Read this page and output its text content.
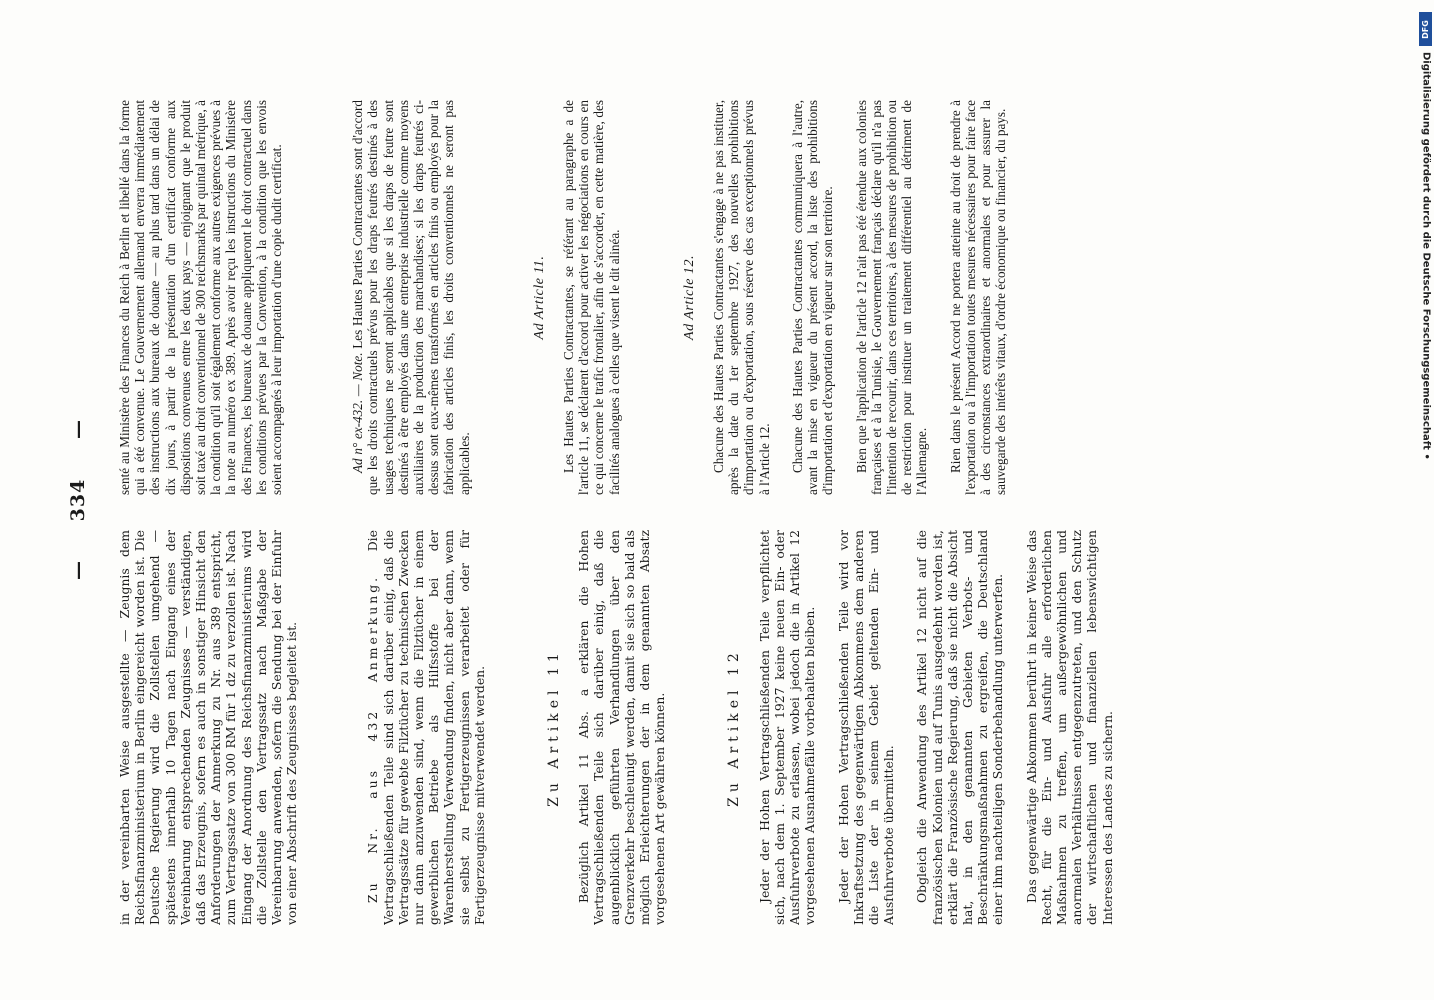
—      334      —

in der vereinbarten Weise ausgestellte — Zeugnis dem Reichsfinanzministerium in Berlin eingereicht worden ist. Die Deutsche Regierung wird die Zollstellen umgehend — spätestens innerhalb 10 Tagen nach Eingang eines der Vereinbarung entsprechenden Zeugnisses — verständigen, daß das Erzeugnis, sofern es auch in sonstiger Hinsicht den Anforderungen der Anmerkung zu Nr. aus 389 entspricht, zum Vertragssatze von 300 RM für 1 dz zu verzollen ist. Nach Eingang der Anordnung des Reichsfinanzministeriums wird die Zollstelle den Vertragssatz nach Maßgabe der Vereinbarung anwenden, sofern die Sendung bei der Einfuhr von einer Abschrift des Zeugnisses begleitet ist.	Zu Nr. aus 432 Anmerkung. Die Vertragschließenden Teile sind sich darüber einig, daß die Vertragssätze für gewebte Filztücher zu technischen Zwecken nur dann anzuwenden sind, wenn die Filztücher in einem gewerblichen Betriebe als Hilfsstoffe bei der Warenherstellung Verwendung finden, nicht aber dann, wenn sie selbst zu Fertigerzeugnissen verarbeitet oder für Fertigerzeugnisse mitverwendet werden.	Zu Artikel 11 Bezüglich Artikel 11 Abs. a erklären die Hohen Vertragschließenden Teile sich darüber einig, daß die augenblicklich geführten Verhandlungen über den Grenzverkehr beschleunigt werden, damit sie sich so bald als möglich Erleichterungen der in dem genannten Absatz vorgesehenen Art gewähren können.	Zu Artikel 12 Jeder der Hohen Vertragschließenden Teile verpflichtet sich, nach dem 1. September 1927 keine neuen Ein- oder Ausfuhrverbote zu erlassen, wobei jedoch die in Artikel 12 vorgesehenen Ausnahmefälle vorbehalten bleiben. Jeder der Hohen Vertragschließenden Teile wird vor Inkraftsetzung des gegenwärtigen Abkommens dem anderen die Liste der in seinem Gebiet geltenden Ein- und Ausfuhrverbote übermitteln. Obgleich die Anwendung des Artikel 12 nicht auf die französischen Kolonien und auf Tunis ausgedehnt worden ist, erklärt die Französische Regierung, daß sie nicht die Absicht hat, in den genannten Gebieten Verbots- und Beschränkungsmaßnahmen zu ergreifen, die Deutschland einer ihm nachteiligen Sonderbehandlung unterwerfen. Das gegenwärtige Abkommen berührt in keiner Weise das Recht, für die Ein- und Ausfuhr alle erforderlichen Maßnahmen zu treffen, um außergewöhnlichen und anormalen Verhältnissen entgegenzutreten, und den Schutz der wirtschaftlichen und finanziellen lebenswichtigen Interessen des Landes zu sichern.

senté au Ministère des Finances du Reich à Berlin et libellé dans la forme qui a été convenue. Le Gouvernement allemand enverra immédiatement des instructions aux bureaux de douane — au plus tard dans un délai de dix jours, à partir de la présentation d'un certificat conforme aux dispositions convenues entre les deux pays — enjoignant que le produit soit taxé au droit conventionnel de 300 reichsmarks par quintal métrique, à la condition qu'il soit également conforme aux autres exigences prévues à la note au numéro ex 389. Après avoir reçu les instructions du Ministère des Finances, les bureaux de douane appliqueront le droit contractuel dans les conditions prévues par la Convention, à la condition que les envois soient accompagnés à leur importation d'une copie dudit certificat.	Ad n° ex-432. — Note. Les Hautes Parties Contractantes sont d'accord que les droits contractuels prévus pour les draps feutrés destinés à des usages techniques ne seront applicables que si les draps de feutre sont destinés à être employés dans une entreprise industrielle comme moyens auxiliaires de la production des marchandises; si les draps feutrés ci-dessus sont eux-mêmes transformés en articles finis ou employés pour la fabrication des articles finis, les droits conventionnels ne seront pas applicables.

Ad Article 11. Les Hautes Parties Contractantes, se référant au paragraphe a de l'article 11, se déclarent d'accord pour activer les négociations en cours en ce qui concerne le trafic frontalier, afin de s'accorder, en cette matière, des facilités analogues à celles que visent le dit alinéa.	Ad Article 12. Chacune des Hautes Parties Contractantes s'engage à ne pas instituer, après la date du 1er septembre 1927, des nouvelles prohibitions d'importation ou d'exportation, sous réserve des cas exceptionnels prévus à l'Article 12. Chacune des Hautes Parties Contractantes communiquera à l'autre, avant la mise en vigueur du présent accord, la liste des prohibitions d'importation et d'exportation en vigueur sur son territoire. Bien que l'application de l'article 12 n'ait pas été étendue aux colonies françaises et à la Tunisie, le Gouvernement français déclare qu'il n'a pas l'intention de recourir, dans ces territoires, à des mesures de prohibition ou de restriction pour instituer un traitement différentiel au détriment de l'Allemagne. Rien dans le présent Accord ne portera atteinte au droit de prendre à l'exportation ou à l'importation toutes mesures nécessaires pour faire face à des circonstances extraordinaires et anormales et pour assurer la sauvegarde des intérêts vitaux, d'ordre économique ou financier, du pays.

DFG
Digitalisierung gefördert durch die Deutsche Forschungsgemeinschaft •
